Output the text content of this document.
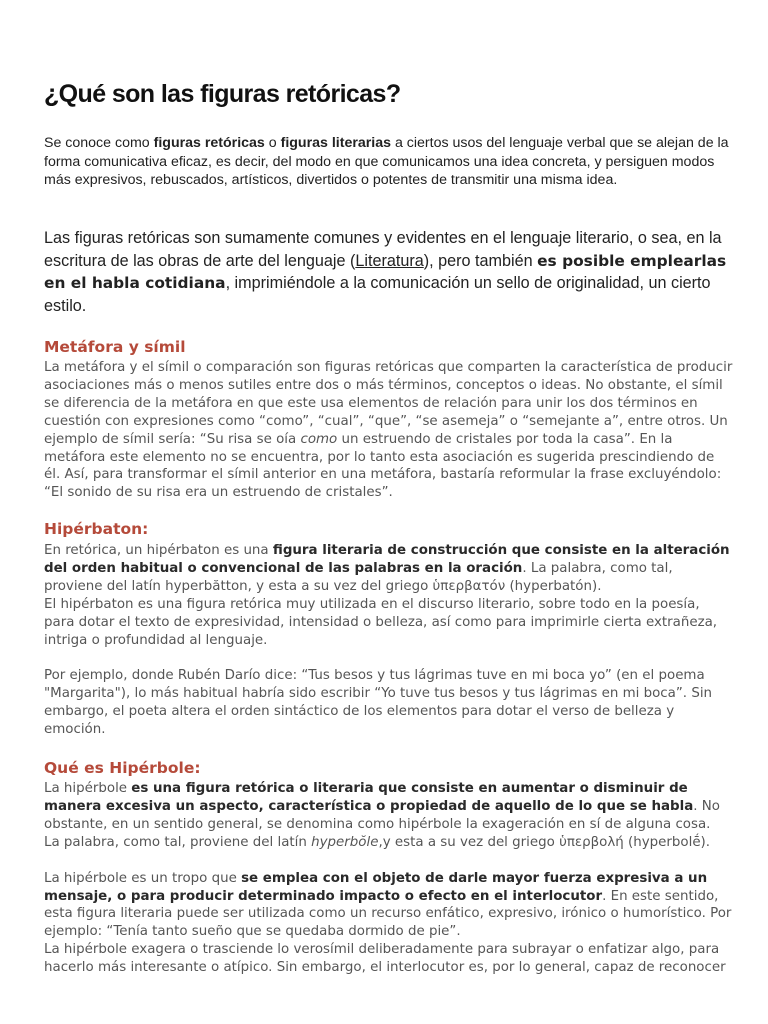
¿Qué son las figuras retóricas?

Se conoce como figuras retóricas o figuras literarias a ciertos usos del lenguaje verbal que se alejan de la forma comunicativa eficaz, es decir, del modo en que comunicamos una idea concreta, y persiguen modos más expresivos, rebuscados, artísticos, divertidos o potentes de transmitir una misma idea.

Las figuras retóricas son sumamente comunes y evidentes en el lenguaje literario, o sea, en la escritura de las obras de arte del lenguaje (Literatura), pero también es posible emplearlas en el habla cotidiana, imprimiéndole a la comunicación un sello de originalidad, un cierto estilo.

Metáfora y símil

La metáfora y el símil o comparación son figuras retóricas que comparten la característica de producir asociaciones más o menos sutiles entre dos o más términos, conceptos o ideas. No obstante, el símil se diferencia de la metáfora en que este usa elementos de relación para unir los dos términos en cuestión con expresiones como “como”, “cual”, “que”, “se asemeja” o “semejante a”, entre otros. Un ejemplo de símil sería: “Su risa se oía como un estruendo de cristales por toda la casa”. En la metáfora este elemento no se encuentra, por lo tanto esta asociación es sugerida prescindiendo de él. Así, para transformar el símil anterior en una metáfora, bastaría reformular la frase excluyéndolo: “El sonido de su risa era un estruendo de cristales”.

Hipérbaton:
En retórica, un hipérbaton es una figura literaria de construcción que consiste en la alteración del orden habitual o convencional de las palabras en la oración. La palabra, como tal, proviene del latín hyperbătton, y esta a su vez del griego ὑπερβατόν (hyperbatón).
El hipérbaton es una figura retórica muy utilizada en el discurso literario, sobre todo en la poesía, para dotar el texto de expresividad, intensidad o belleza, así como para imprimirle cierta extrañeza, intriga o profundidad al lenguaje.
Por ejemplo, donde Rubén Darío dice: “Tus besos y tus lágrimas tuve en mi boca yo” (en el poema "Margarita"), lo más habitual habría sido escribir “Yo tuve tus besos y tus lágrimas en mi boca”. Sin embargo, el poeta altera el orden sintáctico de los elementos para dotar el verso de belleza y emoción.
Qué es Hipérbole:
La hipérbole es una figura retórica o literaria que consiste en aumentar o disminuir de manera excesiva un aspecto, característica o propiedad de aquello de lo que se habla. No obstante, en un sentido general, se denomina como hipérbole la exageración en sí de alguna cosa.
La palabra, como tal, proviene del latín hyperbŏle,y esta a su vez del griego ὑπερβολή (hyperbolḗ).
La hipérbole es un tropo que se emplea con el objeto de darle mayor fuerza expresiva a un mensaje, o para producir determinado impacto o efecto en el interlocutor. En este sentido, esta figura literaria puede ser utilizada como un recurso enfático, expresivo, irónico o humorístico. Por ejemplo: “Tenía tanto sueño que se quedaba dormido de pie”.
La hipérbole exagera o trasciende lo verosímil deliberadamente para subrayar o enfatizar algo, para hacerlo más interesante o atípico. Sin embargo, el interlocutor es, por lo general, capaz de reconocer
